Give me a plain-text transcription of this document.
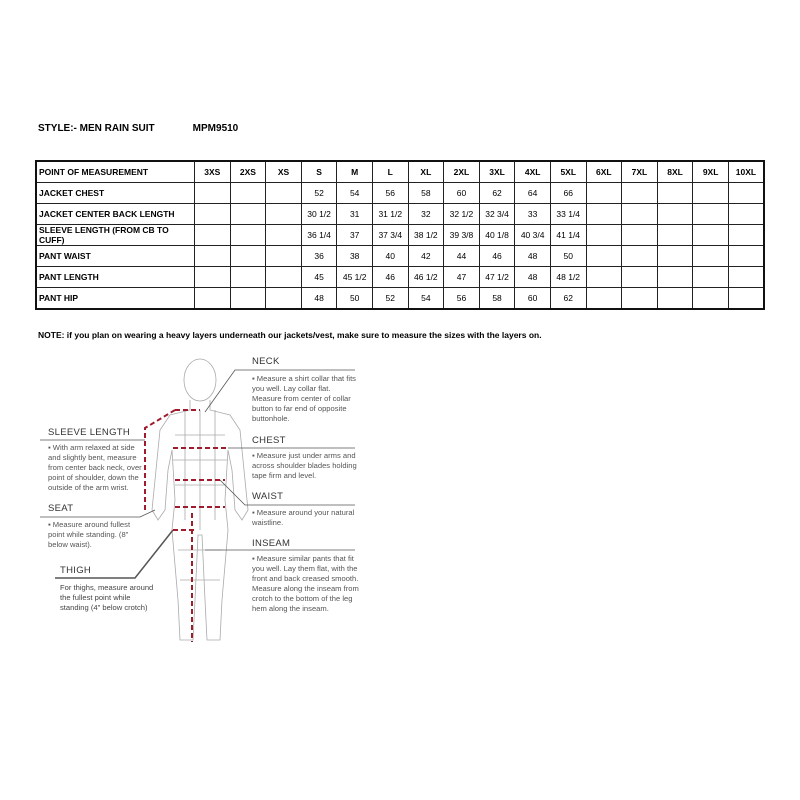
STYLE:- MEN RAIN SUIT	MPM9510
POINT OF MEASUREMENT	3XS	2XS	XS	S	M	L	XL	2XL	3XL	4XL	5XL	6XL	7XL	8XL	9XL	10XL
JACKET CHEST				52	54	56	58	60	62	64	66					
JACKET CENTER BACK LENGTH				30 1/2	31	31 1/2	32	32 1/2	32 3/4	33	33 1/4					
SLEEVE LENGTH (FROM CB TO CUFF)				36 1/4	37	37 3/4	38 1/2	39 3/8	40 1/8	40 3/4	41 1/4					
PANT WAIST				36	38	40	42	44	46	48	50					
PANT LENGTH				45	45 1/2	46	46 1/2	47	47 1/2	48	48 1/2					
PANT HIP				48	50	52	54	56	58	60	62					
NOTE: if you plan on wearing a heavy layers underneath our jackets/vest, make sure to measure the sizes with the layers on.
NECK
▪ Measure a shirt collar that fits you well. Lay collar flat. Measure from center of collar button to far end of opposite buttonhole.
CHEST
▪ Measure just under arms and across shoulder blades holding tape firm and level.
WAIST
▪ Measure around your natural waistline.
INSEAM
▪ Measure similar pants that fit you well. Lay them flat, with the front and back creased smooth. Measure along the inseam from crotch to the bottom of the leg hem along the inseam.
SLEEVE LENGTH
▪ With arm relaxed at side and slightly bent, measure from center back neck, over point of shoulder, down the outside of the arm wrist.
SEAT
▪ Measure around fullest point while standing. (8" below waist).
THIGH
For thighs, measure around the fullest point while standing (4" below crotch)
